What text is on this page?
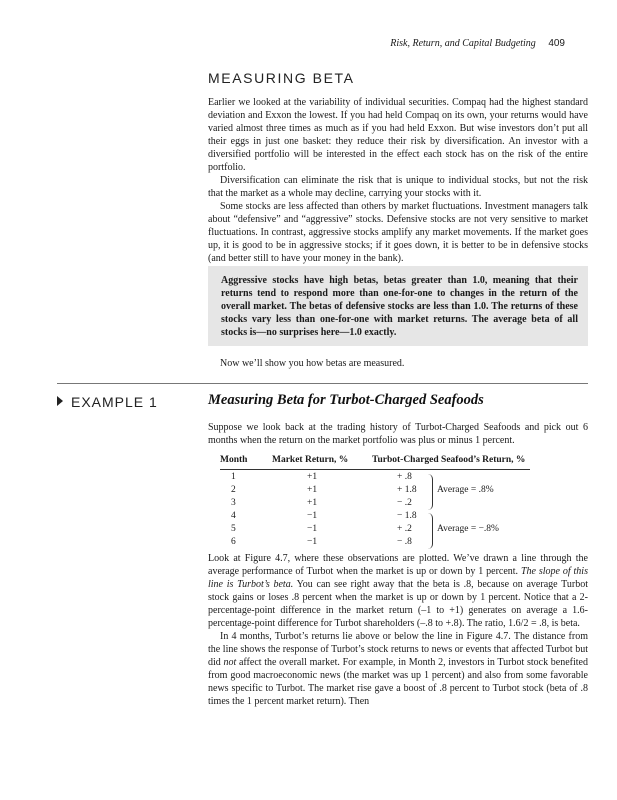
Risk, Return, and Capital Budgeting 409
MEASURING BETA

Earlier we looked at the variability of individual securities. Compaq had the highest standard deviation and Exxon the lowest. If you had held Compaq on its own, your returns would have varied almost three times as much as if you had held Exxon. But wise investors don’t put all their eggs in just one basket: they reduce their risk by diversification. An investor with a diversified portfolio will be interested in the effect each stock has on the risk of the entire portfolio.

Diversification can eliminate the risk that is unique to individual stocks, but not the risk that the market as a whole may decline, carrying your stocks with it.

Some stocks are less affected than others by market fluctuations. Investment managers talk about “defensive” and “aggressive” stocks. Defensive stocks are not very sensitive to market fluctuations. In contrast, aggressive stocks amplify any market movements. If the market goes up, it is good to be in aggressive stocks; if it goes down, it is better to be in defensive stocks (and better still to have your money in the bank).

Aggressive stocks have high betas, betas greater than 1.0, meaning that their returns tend to respond more than one-for-one to changes in the return of the overall market. The betas of defensive stocks are less than 1.0. The returns of these stocks vary less than one-for-one with market returns. The average beta of all stocks is—no surprises here—1.0 exactly.

Now we’ll show you how betas are measured.

EXAMPLE 1	Measuring Beta for Turbot-Charged Seafoods

Suppose we look back at the trading history of Turbot-Charged Seafoods and pick out 6 months when the return on the market portfolio was plus or minus 1 percent.

Month	Market Return, %	Turbot-Charged Seafood’s Return, %
1	+1	+ .8
2	+1	+ 1.8
3	+1	− .2
4	−1	− 1.8
5	−1	+ .2
6	−1	− .8
Average = .8%
Average = −.8%

Look at Figure 4.7, where these observations are plotted. We’ve drawn a line through the average performance of Turbot when the market is up or down by 1 percent. The slope of this line is Turbot’s beta. You can see right away that the beta is .8, because on average Turbot stock gains or loses .8 percent when the market is up or down by 1 percent. Notice that a 2-percentage-point difference in the market return (–1 to +1) generates on average a 1.6-percentage-point difference for Turbot shareholders (–.8 to +.8). The ratio, 1.6/2 = .8, is beta.

In 4 months, Turbot’s returns lie above or below the line in Figure 4.7. The distance from the line shows the response of Turbot’s stock returns to news or events that affected Turbot but did not affect the overall market. For example, in Month 2, investors in Turbot stock benefited from good macroeconomic news (the market was up 1 percent) and also from some favorable news specific to Turbot. The market rise gave a boost of .8 percent to Turbot stock (beta of .8 times the 1 percent market return). Then
